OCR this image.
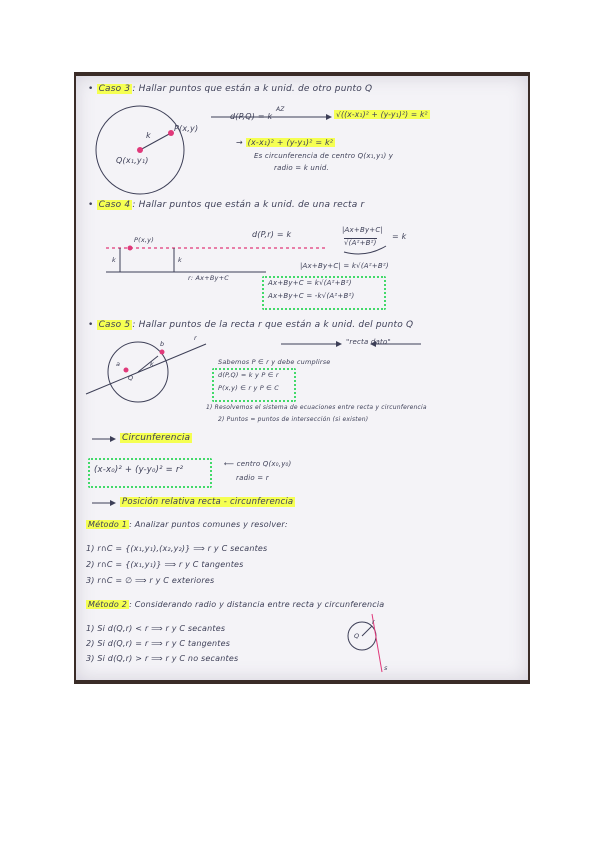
• Caso 3 : Hallar puntos que están a k unid. de otro punto Q
Q(x₁,y₁)
k
P(x,y)
d(P,Q) = k
AZ
√((x-x₁)² + (y-y₁)²) = k²
→ (x-x₁)² + (y-y₁)² = k²
Es circunferencia de centro Q(x₁,y₁) y
radio = k unid.
• Caso 4 : Hallar puntos que están a k unid. de una recta r
P(x,y)
k	k
r: Ax+By+C
d(P,r) = k	|Ax+By+C|
√(A²+B²)
= k
|Ax+By+C| = k√(A²+B²)
Ax+By+C = k√(A²+B²)
Ax+By+C = -k√(A²+B²)
• Caso 5 : Hallar puntos de la recta r que están a k unid. del punto Q
"recta dato"
Q
k
r
a
b
Sabemos P ∈ r y debe cumplirse
d(P,Q) = k y P ∈ r
P(x,y) ∈ r y P ∈ C
1) Resolvemos el sistema de ecuaciones entre recta y circunferencia
2) Puntos = puntos de intersección (si existen)
Circunferencia
(x-x₀)² + (y-y₀)² = r²
⟵ centro Q(x₀,y₀)
radio = r
Posición relativa recta - circunferencia
Método 1 : Analizar puntos comunes y resolver:
1) r∩C = {(x₁,y₁),(x₂,y₂)} ⟹ r y C secantes
2) r∩C = {(x₁,y₁)} ⟹ r y C tangentes
3) r∩C = ∅ ⟹ r y C exteriores
Método 2 : Considerando radio y distancia entre recta y circunferencia
1) Si d(Q,r) < r ⟹ r y C secantes
2) Si d(Q,r) = r ⟹ r y C tangentes
3) Si d(Q,r) > r ⟹ r y C no secantes
Q
r
s
